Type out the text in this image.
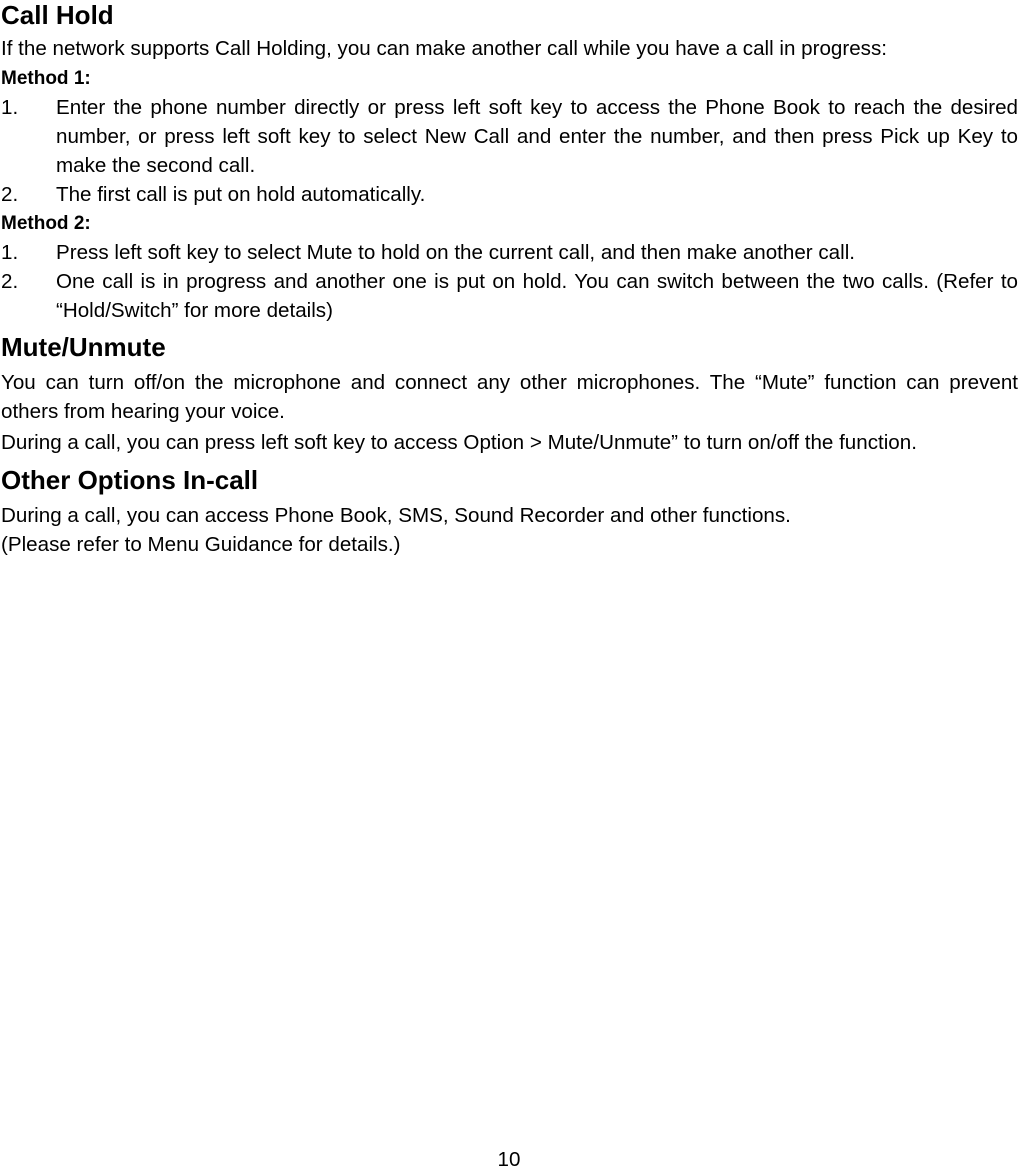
Call Hold

If the network supports Call Holding, you can make another call while you have a call in progress:

Method 1:

1.	Enter the phone number directly or press left soft key to access the Phone Book to reach the desired number, or press left soft key to select New Call and enter the number, and then press Pick up Key to make the second call.
2.	The first call is put on hold automatically.

Method 2:

1.	Press left soft key to select Mute to hold on the current call, and then make another call.
2.	One call is in progress and another one is put on hold. You can switch between the two calls. (Refer to “Hold/Switch” for more details)
Mute/Unmute

You can turn off/on the microphone and connect any other microphones. The “Mute” function can prevent others from hearing your voice.

During a call, you can press left soft key to access Option > Mute/Unmute” to turn on/off the function.

Other Options In-call

During a call, you can access Phone Book, SMS, Sound Recorder and other functions.

(Please refer to Menu Guidance for details.)

10
